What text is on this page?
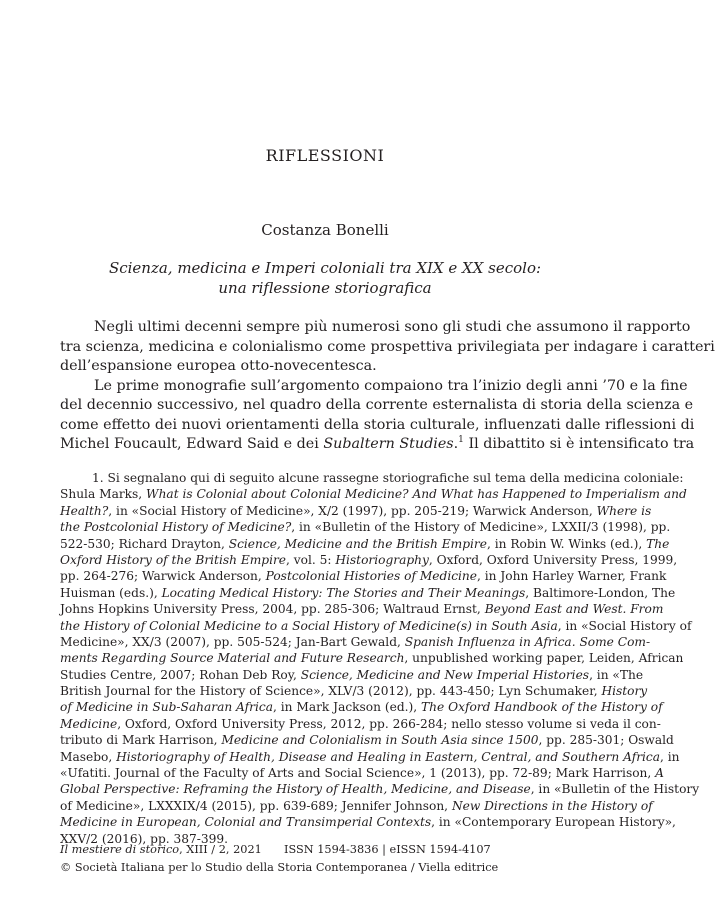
RIFLESSIONI
Costanza Bonelli
Scienza, medicina e Imperi coloniali tra XIX e XX secolo:
una riflessione storiografica
Negli ultimi decenni sempre più numerosi sono gli studi che assumono il rapporto
tra scienza, medicina e colonialismo come prospettiva privilegiata per indagare i caratteri
dell’espansione europea otto-novecentesca.
Le prime monografie sull’argomento compaiono tra l’inizio degli anni ’70 e la fine
del decennio successivo, nel quadro della corrente esternalista di storia della scienza e
come effetto dei nuovi orientamenti della storia culturale, influenzati dalle riflessioni di
Michel Foucault, Edward Said e dei Subaltern Studies.$^1$ Il dibattito si è intensificato tra
1. Si segnalano qui di seguito alcune rassegne storiografiche sul tema della medicina coloniale:
Shula Marks, What is Colonial about Colonial Medicine? And What has Happened to Imperialism and
Health?, in «Social History of Medicine», X/2 (1997), pp. 205-219; Warwick Anderson, Where is
the Postcolonial History of Medicine?, in «Bulletin of the History of Medicine», LXXII/3 (1998), pp.
522-530; Richard Drayton, Science, Medicine and the British Empire, in Robin W. Winks (ed.), The
Oxford History of the British Empire, vol. 5: Historiography, Oxford, Oxford University Press, 1999,
pp. 264-276; Warwick Anderson, Postcolonial Histories of Medicine, in John Harley Warner, Frank
Huisman (eds.), Locating Medical History: The Stories and Their Meanings, Baltimore-London, The
Johns Hopkins University Press, 2004, pp. 285-306; Waltraud Ernst, Beyond East and West. From
the History of Colonial Medicine to a Social History of Medicine(s) in South Asia, in «Social History of
Medicine», XX/3 (2007), pp. 505-524; Jan-Bart Gewald, Spanish Influenza in Africa. Some Com-
ments Regarding Source Material and Future Research, unpublished working paper, Leiden, African
Studies Centre, 2007; Rohan Deb Roy, Science, Medicine and New Imperial Histories, in «The
British Journal for the History of Science», XLV/3 (2012), pp. 443-450; Lyn Schumaker, History
of Medicine in Sub-Saharan Africa, in Mark Jackson (ed.), The Oxford Handbook of the History of
Medicine, Oxford, Oxford University Press, 2012, pp. 266-284; nello stesso volume si veda il con-
tributo di Mark Harrison, Medicine and Colonialism in South Asia since 1500, pp. 285-301; Oswald
Masebo, Historiography of Health, Disease and Healing in Eastern, Central, and Southern Africa, in
«Ufatiti. Journal of the Faculty of Arts and Social Science», 1 (2013), pp. 72-89; Mark Harrison, A
Global Perspective: Reframing the History of Health, Medicine, and Disease, in «Bulletin of the History
of Medicine», LXXXIX/4 (2015), pp. 639-689; Jennifer Johnson, New Directions in the History of
Medicine in European, Colonial and Transimperial Contexts, in «Contemporary European History»,
XXV/2 (2016), pp. 387-399.
Il mestiere di storico, XIII / 2, 2021 ISSN 1594-3836 | eISSN 1594-4107
© Società Italiana per lo Studio della Storia Contemporanea / Viella editrice
